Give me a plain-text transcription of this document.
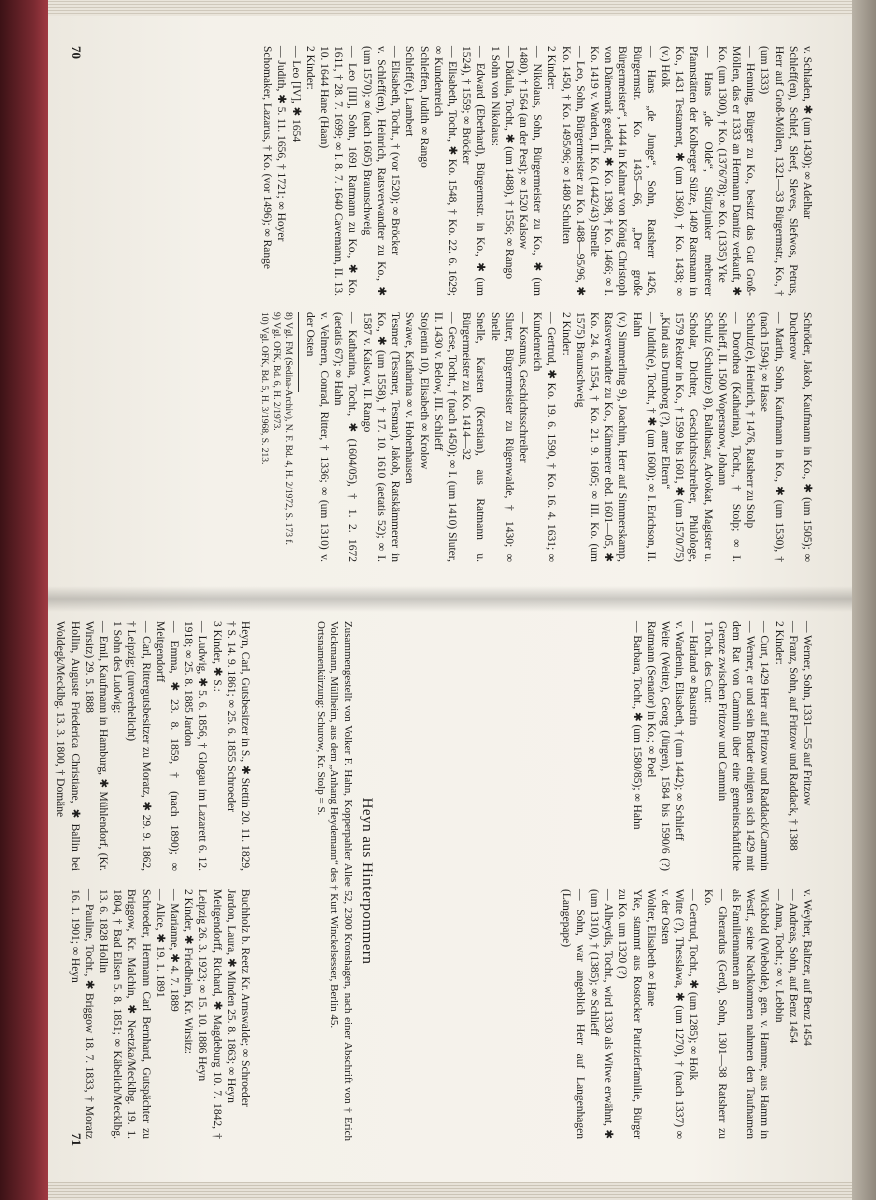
v. Schladen, ✱ (um 1430); ∞ Adelhar

Schleff(en), Schlef, Sleef, Sleves, Slefwos, Petrus, Herr auf Groß-Möllen, 1321—33 Bürgermstr., Ko., † (um 1333)

— Henning, Bürger zu Ko., besitzt das Gut Groß-Möllen, das er 1333 an Hermann Damitz verkauft, ✱ Ko. (um 1300), † Ko. (1376/78); ∞ Ko. (1335) Yke

— Hans „de Olde“, Stützjunker mehrerer Pfannstätten der Kolberger Sülze, 1409 Ratsmann in Ko., 1431 Testament, ✱ (um 1360), † Ko. 1438; ∞ (v.) Holk

— Hans „de Junge“, Sohn, Ratsherr 1426, Bürgermstr. Ko. 1435—66, „Der große Bürgermeister“, 1444 in Kalmar von König Christoph von Dänemark geadelt, ✱ Ko. 1398, † Ko. 1466; ∞ I. Ko. 1419 v. Warden, II. Ko. (1442/43) Smelle

— Leo, Sohn, Bürgermeister zu Ko. 1488—95/96, ✱ Ko. 1450, † Ko. 1495/96; ∞ 1480 Schulten

2 Kinder:

— Nikolaus, Sohn, Bürgermeister zu Ko., ✱ (um 1480), † 1564 (an der Pest); ∞ 1520 Kalsow

— Dädula, Tocht., ✱ (um 1488), † 1556; ∞ Rango

1 Sohn von Nikolaus:

— Edward (Eberhard), Bürgermstr. in Ko., ✱ (um 1524), † 1559; ∞ Bröcker

— Elisabeth, Tocht., ✱ Ko. 1548, † Ko. 22. 6. 1629; ∞ Kundenreich

Schleffen, Judith ∞ Rango

Schleff(e), Lambert

— Elisabeth, Tocht., † (vor 1520); ∞ Bröcker

v. Schleff(en), Heinrich, Ratsverwandter zu Ko., ✱ (um 1570); ∞ (nach 1605) Braunschweig

— Leo [III], Sohn, 1691 Ratmann zu Ko., ✱ Ko. 1611, † 28. 7. 1699; ∞ I. 8. 7. 1640 Cavemann, II. 13. 10. 1644 Hane (Haan)

2 Kinder:

— Leo [IV], ✱ 1654

— Judith, ✱ 5. 11. 1656, † 1721; ∞ Hoyer

Schomaker, Lazarus, † Ko. (vor 1496); ∞ Range

Schröder, Jakob, Kaufmann in Ko., ✱ (um 1505); ∞ Ducherow

— Martin, Sohn, Kaufmann in Ko., ✱ (um 1530), † (nach 1594); ∞ Hasse

Schultz(e), Heinrich, † 1476, Ratsherr zu Stolp

— Dorothea (Katharina), Tocht., † Stolp; ∞ I. Schlieff, II. 1500 Wopersnow, Johann

Schulz (Schultze) 8), Balthasar, Advokat, Magister u. Scholar, Dichter, Geschichtsschreiber, Philologe, 1579 Rektor in Ko., † 1599 bis 1601, ✱ (um 1570/75) „Kind aus Drumborg (?), amer Eltern“

— Judith(e), Tocht., † ✱ (um 1600); ∞ I. Erichson, II. Hahn

(v.) Simmerling 9), Joachim, Herr auf Simmerskamp, Ratsverwandter zu Ko., Kämmerer ebd. 1601—05, ✱ Ko. 24. 6. 1554, † Ko. 21. 9. 1605; ∞ III. Ko. (um 1575) Braunschweig

2 Kinder:

— Gertrud, ✱ Ko. 19. 6. 1590, † Ko. 16. 4. 1631; ∞ Kundenreich

— Kosmus, Geschichtsschreiber

Sluter, Bürgermeister zu Rügenwalde, † 1430; ∞ Snelle

Snelle, Karsten (Kerstian), aus Ratmann u. Bürgermeister zu Ko. 1414—32

— Gese, Tocht., † (nach 1450); ∞ I. (um 1410) Sluter, II. 1430 v. Below, III. Schlieff

Stojentin 10), Elisabeth ∞ Krolow

Swawe, Katharina ∞ v. Hohenhausen

Tesmer (Tessmer, Tesmar), Jakob, Ratskämmerer in Ko., ✱ (um 1558), † 17. 10. 1610 (aetatis 52); ∞ I. 1587 v. Kalsow, II. Rango

— Katharina, Tocht., ✱ (1604/05), † 1. 2. 1672 (aetatis 67); ∞ Hahn

v. Velmern, Conrad, Ritter, † 1336; ∞ (um 1310) v. der Osten

8) Vgl. FM (Sedina-Archiv), N. F. Bd. 4, H. 2/1972, S. 173 f.

9) Vgl. OFK, Bd. 6, H. 2/1973.

10) Vgl. OFK, Bd. 5, H. 3/1968, S. 213.

70

— Werner, Sohn, 1331—55 auf Fritzow

— Franz, Sohn, auf Fritzow und Raddack, † 1388

2 Kinder:

— Curt, 1429 Herr auf Fritzow und Raddack/Cammin

— Werner, er und sein Bruder einigten sich 1429 mit dem Rat von Cammin über eine gemeinschaftliche Grenze zwischen Fritzow und Cammin

1 Tocht. des Curt:

— Harland ∞ Baustrin

v. Wardenin, Elisabeth, † (um 1442); ∞ Schlieff

Weite (Weitte), Georg (Jürgen), 1584 bis 1590/6 (?) Ratmann (Senator) in Ko.; ∞ Poel

— Barbara, Tocht., ✱ (um 1580/85); ∞ Hahn

v. Weyher, Baltzer, auf Benz 1454

— Andreas, Sohn, auf Benz 1454

— Anna, Tocht.; ∞ v. Lebbin

Wickbold (Wiebolde), gen. v. Hamme, aus Hamm in Westf., seine Nachkommen nahmen den Taufnamen als Familiennamen an

— Gherardus (Gerd), Sohn, 1301—38 Ratsherr zu Ko.

— Gertrud, Tocht., ✱ (um 1285); ∞ Holk

Witte (?), Thesslawa, ✱ (um 1270), † (nach 1337) ∞ v. der Osten

Wolter, Elisabeth ∞ Hane

Yke, stammt aus Rostocker Patrizierfamilie, Bürger zu Ko. um 1320 (?)

— Alheydis, Tocht., wird 1330 als Witwe erwähnt, ✱ (um 1310), † (1385); ∞ Schlieff

— Sohn, war angeblich Herr auf Langenhagen (Langepape)

Heyn aus Hinterpommern

Zusammengestellt von Volker F. Hahn, Kopperpahler Allee 52, 2300 Kronshagen, nach einer Abschrift von † Erich Volckmann, Müllheim, aus dem „Anhang Heydemann“ des † Kurt Winckelsesser, Berlin 45.

Ortsnamenkürzung: Schurow, Kr. Stolp = S.

Heyn, Carl, Gutsbesitzer in S., ✱ Stettin 20. 11. 1829, † S. 14. 9. 1861; ∞ 25. 6. 1855 Schroeder

3 Kinder, ✱ S.:

— Ludwig, ✱ 5. 6. 1856, † Glogau im Lazarett 6. 12. 1918; ∞ 25. 8. 1885 Jardon

— Emma, ✱ 23. 8. 1859, † (nach 1890); ∞ Meitgendorff

— Carl, Rittergutsbesitzer zu Moratz, ✱ 29. 9. 1862, † Leipzig; (unverehelicht)

1 Sohn des Ludwig:

— Emil, Kaufmann in Hamburg, ✱ Mühlendorf, (Kr. Wirsitz) 29. 5. 1888

Hollin, Auguste Friederica Christiane, ✱ Ballin bei Woldegk/Mecklbg. 13. 3. 1800, † Domäne

Buchholz b. Reetz Kr. Arnswalde; ∞ Schroeder

Jardon, Laura, ✱ Minden 25. 8. 1863; ∞ Heyn

Meitgendorff, Richard, ✱ Magdeburg 10. 7. 1842, † Leipzig 26. 3. 1923; ∞ 15. 10. 1886 Heyn

2 Kinder, ✱ Friedheim, Kr. Wirsitz:

— Marianne, ✱ 4. 7. 1889

— Alice, ✱ 19. 1. 1891

Schroeder, Hermann Carl Bernhard, Gutspächter zu Briggow, Kr. Malchin, ✱ Neetzka/Mecklbg. 19. 1. 1804, † Bad Eilsen 5. 8. 1851; ∞ Käbelich/Mecklbg. 13. 6. 1828 Hollin

— Pauline, Tocht., ✱ Briggow 18. 7. 1833, † Moratz 16. 1. 1901; ∞ Heyn

71
